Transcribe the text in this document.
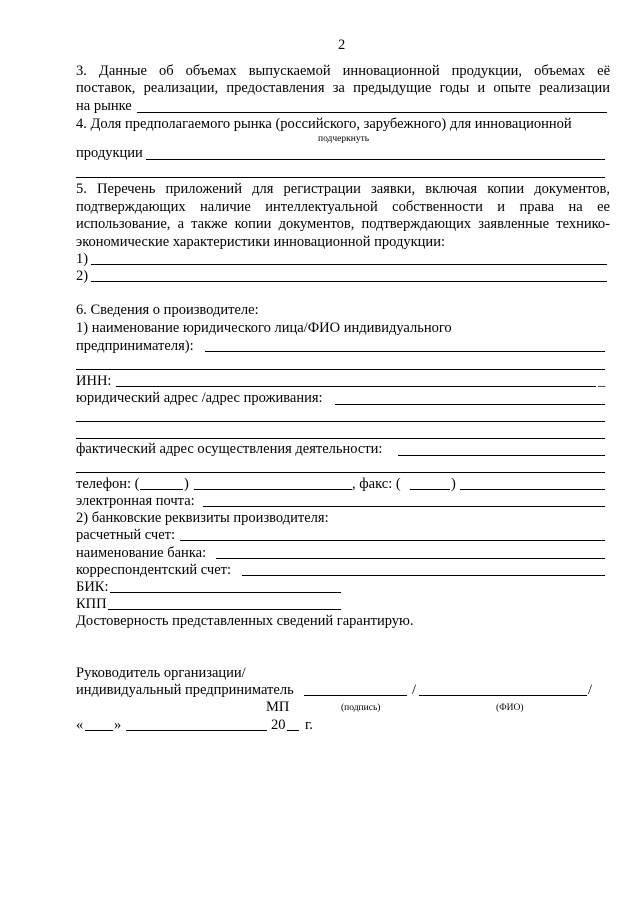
2
3. Данные об объемах выпускаемой инновационной продукции, объемах её
поставок, реализации, предоставления за предыдущие годы и опыте реализации
на рынке
4. Доля предполагаемого рынка (российского, зарубежного) для инновационной
подчеркнуть
продукции
5. Перечень приложений для регистрации заявки, включая копии документов,
подтверждающих наличие интеллектуальной собственности и права на ее
использование, а также копии документов, подтверждающих заявленные технико-
экономические характеристики инновационной продукции:
1)
2)
6. Сведения о производителе:
1) наименование юридического лица/ФИО индивидуального
предпринимателя):
ИНН:	_
юридический адрес /адрес проживания:
фактический адрес осуществления деятельности:
телефон: (	)	, факс: (	)
электронная почта:
2) банковские реквизиты производителя:
расчетный счет:
наименование банка:
корреспондентский счет:
БИК:
КПП
Достоверность представленных сведений гарантирую.
Руководитель организации/
индивидуальный предприниматель	/	/
МП	(подпись)	(ФИО)
« »	20 г.
